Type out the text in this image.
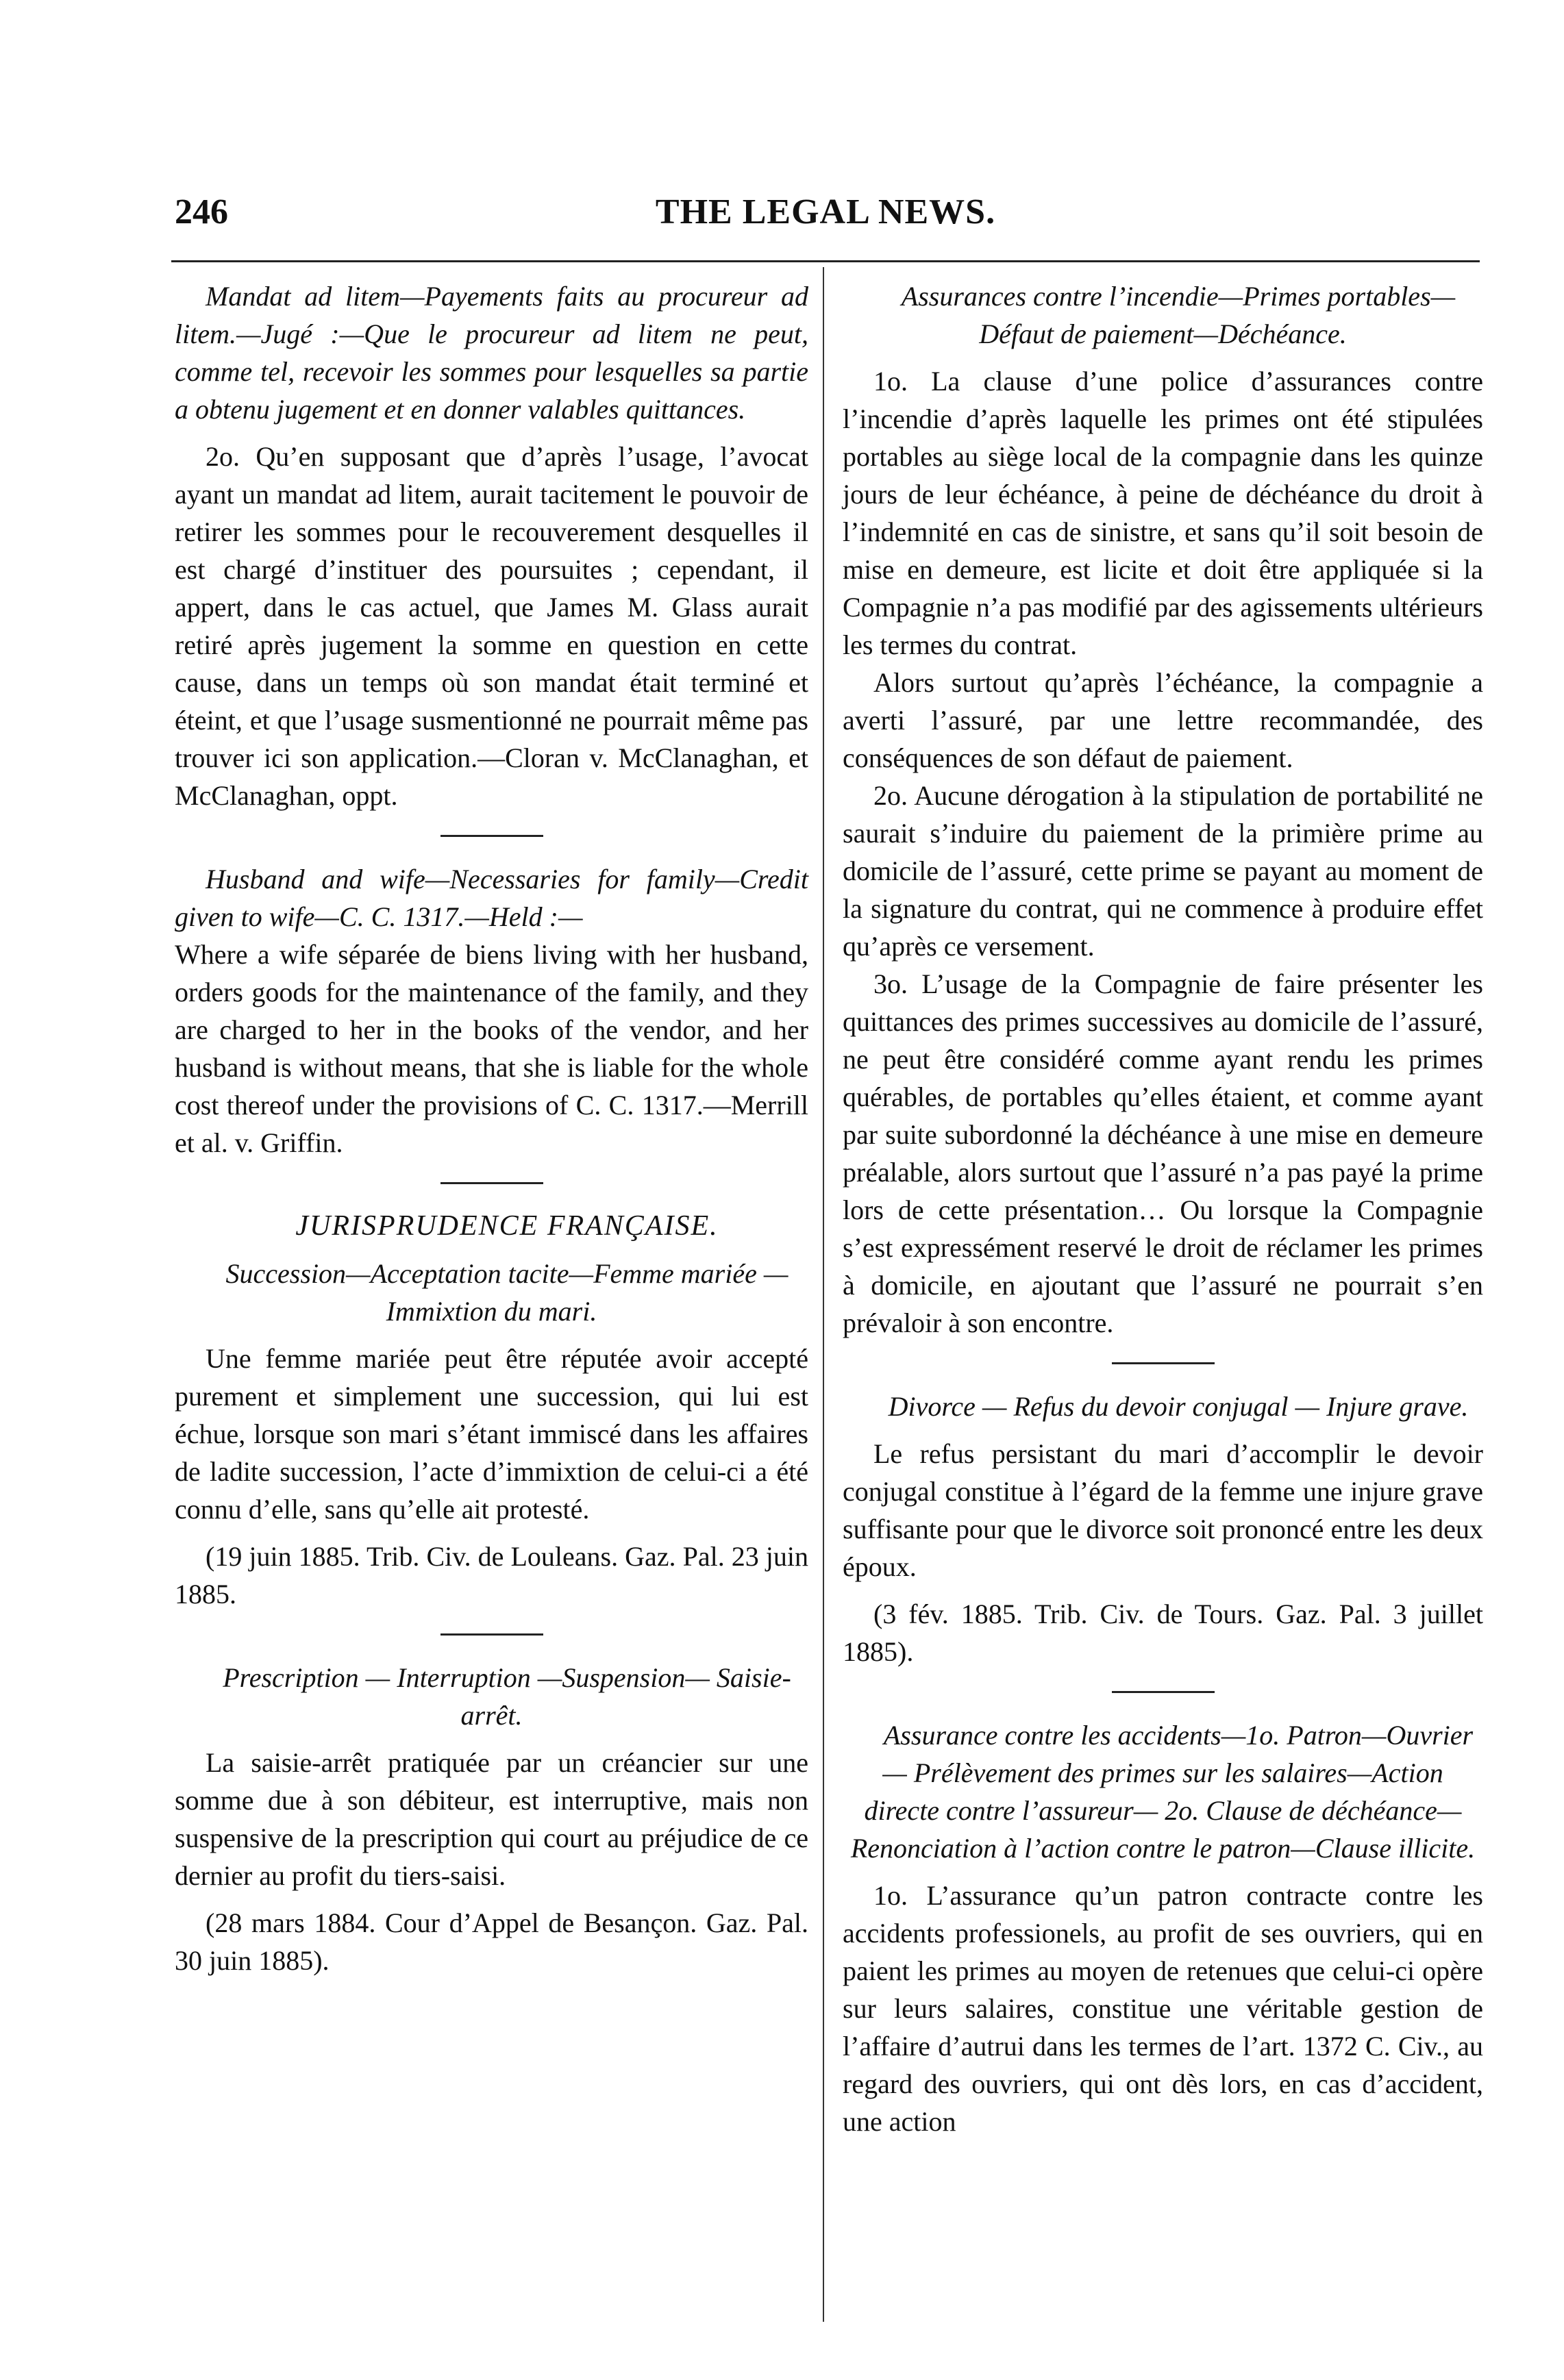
246	THE LEGAL NEWS.

Mandat ad litem—Payements faits au procureur ad litem.—Jugé :—Que le procureur ad litem ne peut, comme tel, recevoir les sommes pour lesquelles sa partie a obtenu jugement et en donner valables quittances.

2o. Qu’en supposant que d’après l’usage, l’avocat ayant un mandat ad litem, aurait tacitement le pouvoir de retirer les sommes pour le recouverement desquelles il est chargé d’instituer des poursuites ; cependant, il appert, dans le cas actuel, que James M. Glass aurait retiré après jugement la somme en question en cette cause, dans un temps où son mandat était terminé et éteint, et que l’usage susmentionné ne pourrait même pas trouver ici son application.—Cloran v. McClanaghan, et McClanaghan, oppt.

Husband and wife—Necessaries for family—Credit given to wife—C. C. 1317.—Held :—

Where a wife séparée de biens living with her husband, orders goods for the maintenance of the family, and they are charged to her in the books of the vendor, and her husband is without means, that she is liable for the whole cost thereof under the provisions of C. C. 1317.—Merrill et al. v. Griffin.

JURISPRUDENCE FRANÇAISE.

Succession—Acceptation tacite—Femme mariée —Immixtion du mari.

Une femme mariée peut être réputée avoir accepté purement et simplement une succession, qui lui est échue, lorsque son mari s’étant immiscé dans les affaires de ladite succession, l’acte d’immixtion de celui-ci a été connu d’elle, sans qu’elle ait protesté.

(19 juin 1885. Trib. Civ. de Louleans. Gaz. Pal. 23 juin 1885.

Prescription — Interruption —Suspension— Saisie-arrêt.

La saisie-arrêt pratiquée par un créancier sur une somme due à son débiteur, est interruptive, mais non suspensive de la prescription qui court au préjudice de ce dernier au profit du tiers-saisi.

(28 mars 1884. Cour d’Appel de Besançon. Gaz. Pal. 30 juin 1885).

Assurances contre l’incendie—Primes portables— Défaut de paiement—Déchéance.

1o. La clause d’une police d’assurances contre l’incendie d’après laquelle les primes ont été stipulées portables au siège local de la compagnie dans les quinze jours de leur échéance, à peine de déchéance du droit à l’indemnité en cas de sinistre, et sans qu’il soit besoin de mise en demeure, est licite et doit être appliquée si la Compagnie n’a pas modifié par des agissements ultérieurs les termes du contrat.

Alors surtout qu’après l’échéance, la compagnie a averti l’assuré, par une lettre recommandée, des conséquences de son défaut de paiement.

2o. Aucune dérogation à la stipulation de portabilité ne saurait s’induire du paiement de la primière prime au domicile de l’assuré, cette prime se payant au moment de la signature du contrat, qui ne commence à produire effet qu’après ce versement.

3o. L’usage de la Compagnie de faire présenter les quittances des primes successives au domicile de l’assuré, ne peut être considéré comme ayant rendu les primes quérables, de portables qu’elles étaient, et comme ayant par suite subordonné la déchéance à une mise en demeure préalable, alors surtout que l’assuré n’a pas payé la prime lors de cette présentation… Ou lorsque la Compagnie s’est expressément reservé le droit de réclamer les primes à domicile, en ajoutant que l’assuré ne pourrait s’en prévaloir à son encontre.

Divorce — Refus du devoir conjugal — Injure grave.

Le refus persistant du mari d’accomplir le devoir conjugal constitue à l’égard de la femme une injure grave suffisante pour que le divorce soit prononcé entre les deux époux.

(3 fév. 1885. Trib. Civ. de Tours. Gaz. Pal. 3 juillet 1885).

Assurance contre les accidents—1o. Patron—Ouvrier — Prélèvement des primes sur les salaires—Action directe contre l’assureur— 2o. Clause de déchéance—Renonciation à l’action contre le patron—Clause illicite.

1o. L’assurance qu’un patron contracte contre les accidents professionels, au profit de ses ouvriers, qui en paient les primes au moyen de retenues que celui-ci opère sur leurs salaires, constitue une véritable gestion de l’affaire d’autrui dans les termes de l’art. 1372 C. Civ., au regard des ouvriers, qui ont dès lors, en cas d’accident, une action
